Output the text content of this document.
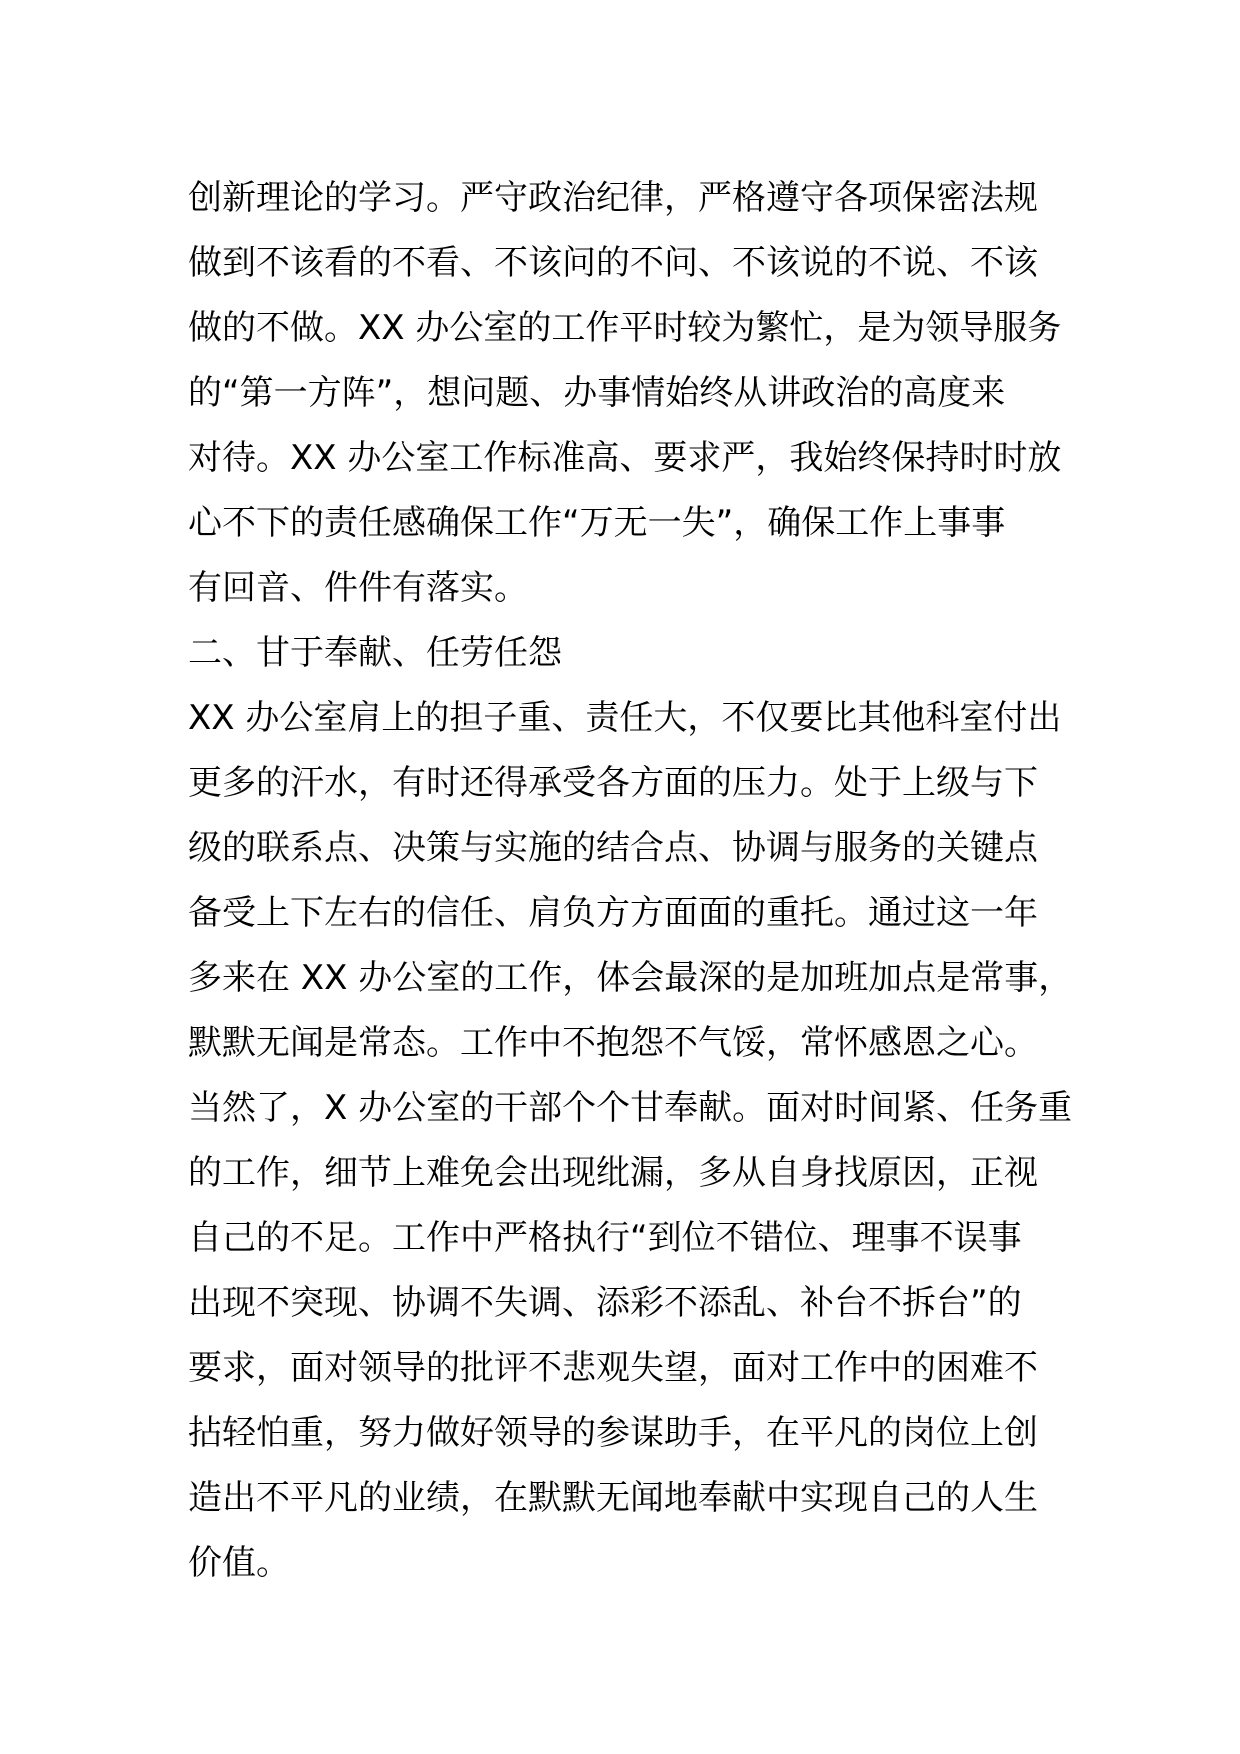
创新理论的学习。严守政治纪律，严格遵守各项保密法规
做到不该看的不看、不该问的不问、不该说的不说、不该
做的不做。XX 办公室的工作平时较为繁忙，是为领导服务
的“第一方阵”，想问题、办事情始终从讲政治的高度来
对待。XX 办公室工作标准高、要求严，我始终保持时时放
心不下的责任感确保工作“万无一失”，确保工作上事事
有回音、件件有落实。
二、甘于奉献、任劳任怨
XX 办公室肩上的担子重、责任大，不仅要比其他科室付出
更多的汗水，有时还得承受各方面的压力。处于上级与下
级的联系点、决策与实施的结合点、协调与服务的关键点
备受上下左右的信任、肩负方方面面的重托。通过这一年
多来在 XX 办公室的工作，体会最深的是加班加点是常事，
默默无闻是常态。工作中不抱怨不气馁，常怀感恩之心。
当然了，X 办公室的干部个个甘奉献。面对时间紧、任务重
的工作，细节上难免会出现纰漏，多从自身找原因，正视
自己的不足。工作中严格执行“到位不错位、理事不误事
出现不突现、协调不失调、添彩不添乱、补台不拆台”的
要求，面对领导的批评不悲观失望，面对工作中的困难不
拈轻怕重，努力做好领导的参谋助手，在平凡的岗位上创
造出不平凡的业绩，在默默无闻地奉献中实现自己的人生
价值。
